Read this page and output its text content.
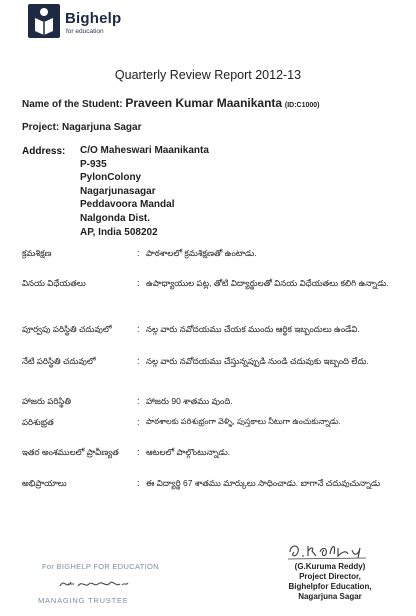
Bighelp
for education
Quarterly Review Report 2012-13
Name of the Student: Praveen Kumar Maanikanta (ID:C1000)
Project: Nagarjuna Sagar
Address: C/O Maheswari Maanikanta
P-935
PylonColony
Nagarjunasagar
Peddavoora Mandal
Nalgonda Dist.
AP, India 508202
క్రమశిక్షణ	: పాఠశాలలో క్రమశిక్షణతో ఉంటాడు.
వినయ విధేయతలు	: ఉపాధ్యాయుల పట్ల, తోటి విద్యార్థులతో వినయ విధేయతలు కలిగి ఉన్నాడు.
పూర్వపు పరిస్థితి చదువులో	: నల్గ వారు నవోదయము చేయక ముందు ఆర్థిక ఇబ్బందులు ఉండేవి.
నేటి పరిస్థితి చదువులో	: నల్గ వారు నవోదయము చేస్తున్నప్పుడి నుండి చదువుకు ఇబ్బంది లేదు.
హాజరు పరిస్థితి	: హాజరు 90 శాతము వుంది.
పరిశుభ్రత	: పాఠశాలకు పరిశుభ్రంగా వెళ్ళి, పుస్తకాలు నీటుగా ఉంచుకున్నాడు.
ఇతర అంశములలో ప్రావీణ్యత : ఆటలలో పాల్గొంటున్నాడు.
అభిప్రాయాలు	: ఈ విద్యార్థి 67 శాతము మార్కులు సాధించాడు. బాగానే చదువుచున్నాడు
For BIGHELP FOR EDUCATION
MANAGING TRUSTEE
(G.Kuruma Reddy)
Project Director,
Bighelpfor Education,
Nagarjuna Sagar
